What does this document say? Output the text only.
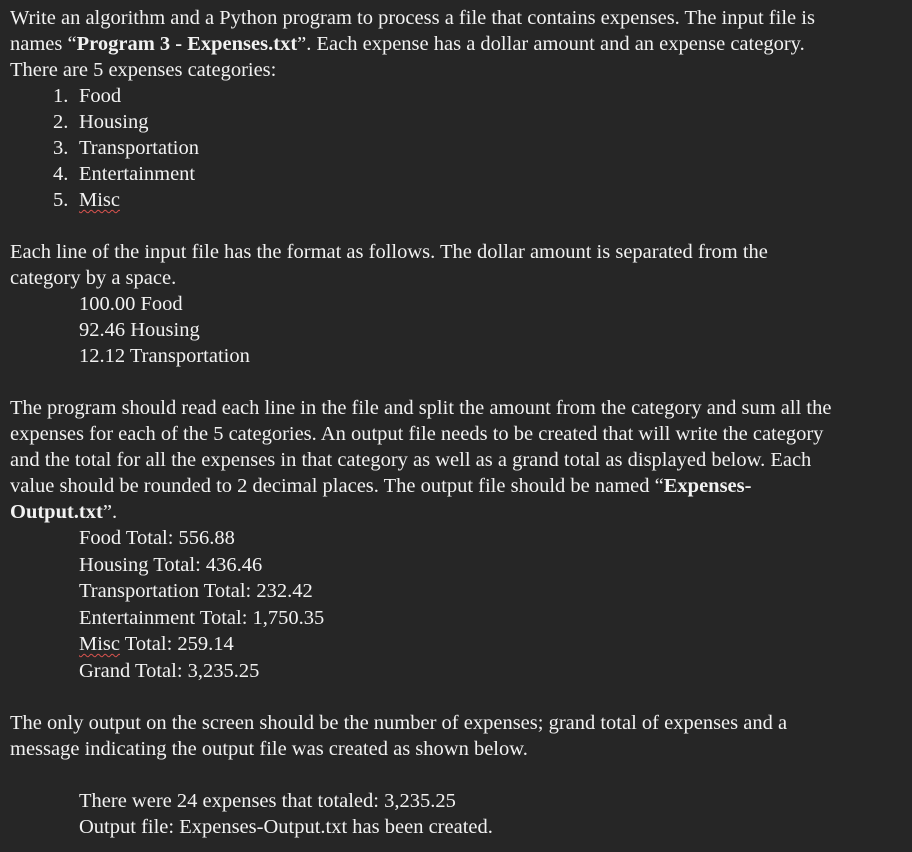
Write an algorithm and a Python program to process a file that contains expenses. The input file is
names “Program 3 - Expenses.txt”. Each expense has a dollar amount and an expense category.
There are 5 expenses categories:

1. Food
2. Housing
3. Transportation
4. Entertainment
5. Misc

Each line of the input file has the format as follows. The dollar amount is separated from the
category by a space.

100.00 Food
92.46 Housing
12.12 Transportation

The program should read each line in the file and split the amount from the category and sum all the
expenses for each of the 5 categories. An output file needs to be created that will write the category
and the total for all the expenses in that category as well as a grand total as displayed below. Each
value should be rounded to 2 decimal places. The output file should be named “Expenses-
Output.txt”.

Food Total: 556.88
Housing Total: 436.46
Transportation Total: 232.42
Entertainment Total: 1,750.35
Misc Total: 259.14
Grand Total: 3,235.25

The only output on the screen should be the number of expenses; grand total of expenses and a
message indicating the output file was created as shown below.

There were 24 expenses that totaled: 3,235.25
Output file: Expenses-Output.txt has been created.
